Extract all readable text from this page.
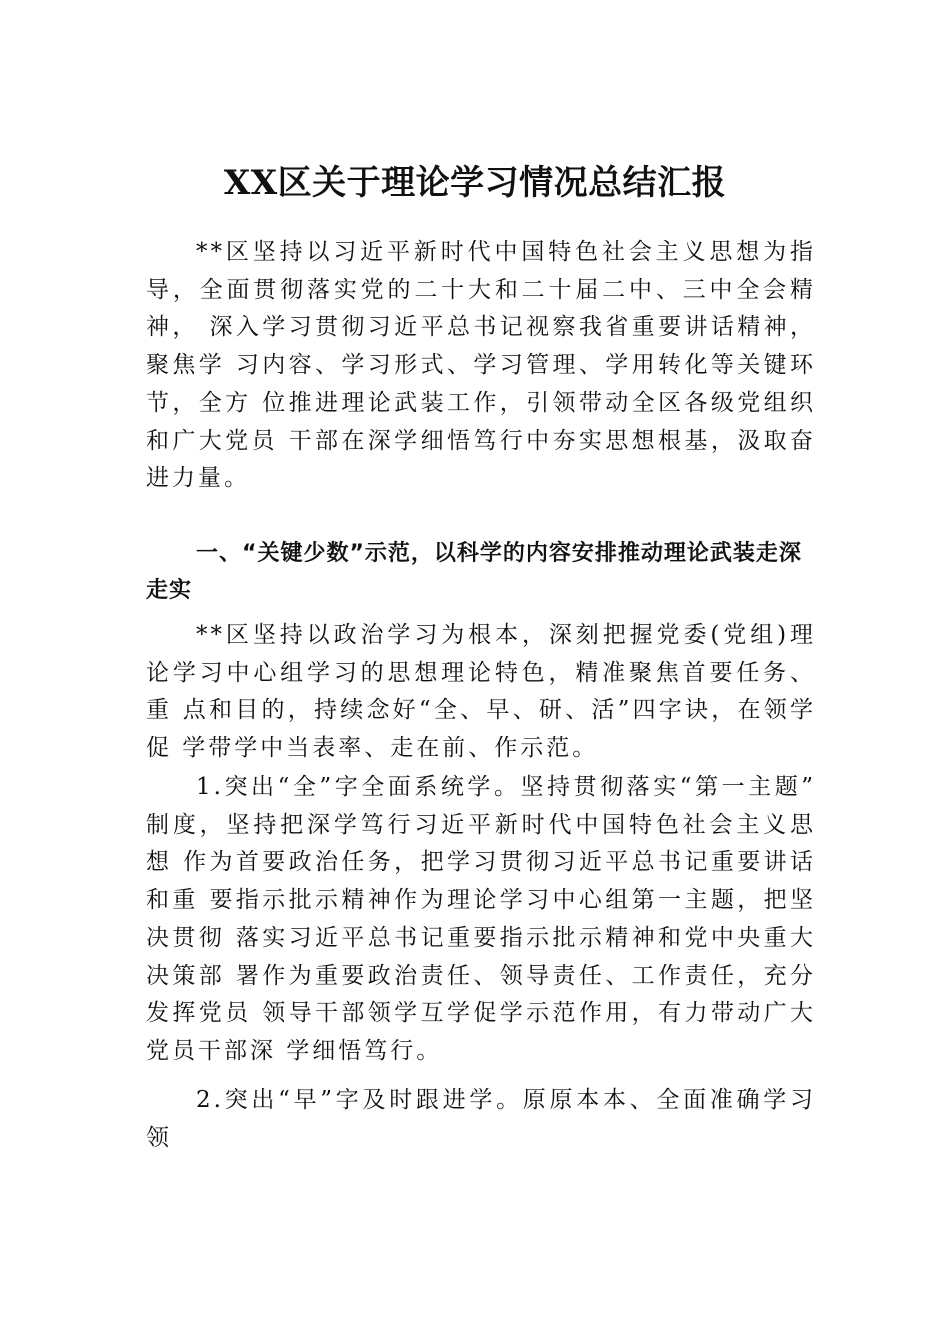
XX区关于理论学习情况总结汇报

**区坚持以习近平新时代中国特色社会主义思想为指导，全面贯彻落实党的二十大和二十届二中、三中全会精神， 深入学习贯彻习近平总书记视察我省重要讲话精神，聚焦学 习内容、学习形式、学习管理、学用转化等关键环节，全方 位推进理论武装工作，引领带动全区各级党组织和广大党员 干部在深学细悟笃行中夯实思想根基，汲取奋进力量。

一、“关键少数”示范，以科学的内容安排推动理论武装走深走实

**区坚持以政治学习为根本，深刻把握党委(党组)理论学习中心组学习的思想理论特色，精准聚焦首要任务、重 点和目的，持续念好“全、早、研、活”四字诀，在领学促 学带学中当表率、走在前、作示范。

1.突出“全”字全面系统学。坚持贯彻落实“第一主题” 制度，坚持把深学笃行习近平新时代中国特色社会主义思想 作为首要政治任务，把学习贯彻习近平总书记重要讲话和重 要指示批示精神作为理论学习中心组第一主题，把坚决贯彻 落实习近平总书记重要指示批示精神和党中央重大决策部 署作为重要政治责任、领导责任、工作责任，充分发挥党员 领导干部领学互学促学示范作用，有力带动广大党员干部深 学细悟笃行。

2.突出“早”字及时跟进学。原原本本、全面准确学习领
